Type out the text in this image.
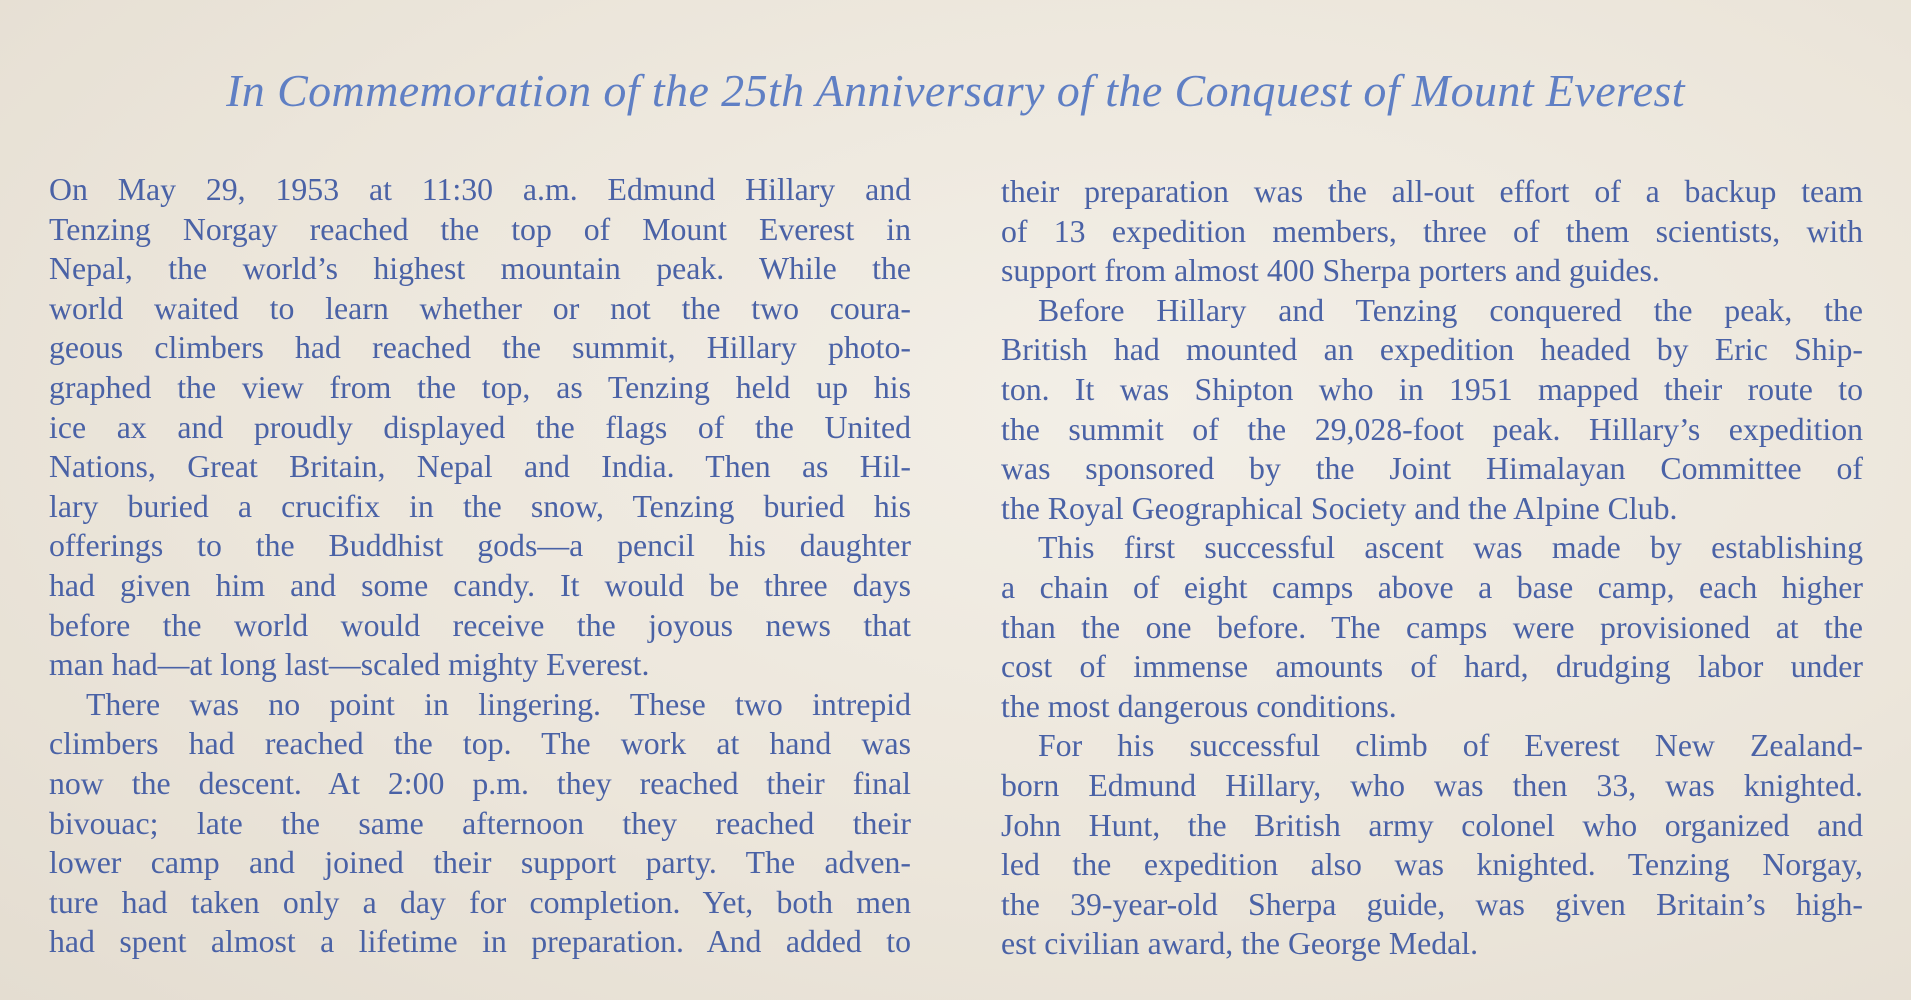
In Commemoration of the 25th Anniversary of the Conquest of Mount Everest
On May 29, 1953 at 11:30 a.m. Edmund Hillary and
Tenzing Norgay reached the top of Mount Everest in
Nepal, the world’s highest mountain peak. While the
world waited to learn whether or not the two coura-
geous climbers had reached the summit, Hillary photo-
graphed the view from the top, as Tenzing held up his
ice ax and proudly displayed the flags of the United
Nations, Great Britain, Nepal and India. Then as Hil-
lary buried a crucifix in the snow, Tenzing buried his
offerings to the Buddhist gods—a pencil his daughter
had given him and some candy. It would be three days
before the world would receive the joyous news that
man had—at long last—scaled mighty Everest.
There was no point in lingering. These two intrepid
climbers had reached the top. The work at hand was
now the descent. At 2:00 p.m. they reached their final
bivouac; late the same afternoon they reached their
lower camp and joined their support party. The adven-
ture had taken only a day for completion. Yet, both men
had spent almost a lifetime in preparation. And added to
their preparation was the all-out effort of a backup team
of 13 expedition members, three of them scientists, with
support from almost 400 Sherpa porters and guides.
Before Hillary and Tenzing conquered the peak, the
British had mounted an expedition headed by Eric Ship-
ton. It was Shipton who in 1951 mapped their route to
the summit of the 29,028-foot peak. Hillary’s expedition
was sponsored by the Joint Himalayan Committee of
the Royal Geographical Society and the Alpine Club.
This first successful ascent was made by establishing
a chain of eight camps above a base camp, each higher
than the one before. The camps were provisioned at the
cost of immense amounts of hard, drudging labor under
the most dangerous conditions.
For his successful climb of Everest New Zealand-
born Edmund Hillary, who was then 33, was knighted.
John Hunt, the British army colonel who organized and
led the expedition also was knighted. Tenzing Norgay,
the 39-year-old Sherpa guide, was given Britain’s high-
est civilian award, the George Medal.
